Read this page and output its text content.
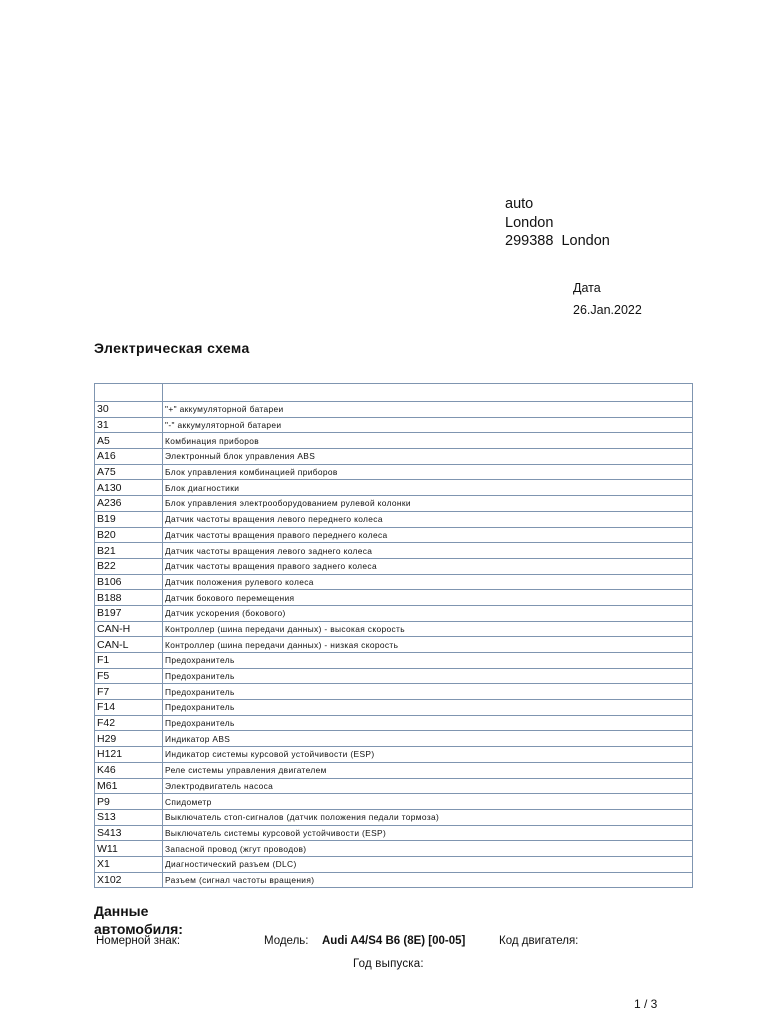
auto
London
299388  London
Дата
26.Jan.2022
Электрическая схема

30	"+" аккумуляторной батареи
31	"-" аккумуляторной батареи
A5	Комбинация приборов
A16	Электронный блок управления ABS
A75	Блок управления комбинацией приборов
A130	Блок диагностики
A236	Блок управления электрооборудованием рулевой колонки
B19	Датчик частоты вращения левого переднего колеса
B20	Датчик частоты вращения правого переднего колеса
B21	Датчик частоты вращения левого заднего колеса
B22	Датчик частоты вращения правого заднего колеса
B106	Датчик положения рулевого колеса
B188	Датчик бокового перемещения
B197	Датчик ускорения (бокового)
CAN-H	Контроллер (шина передачи данных) - высокая скорость
CAN-L	Контроллер (шина передачи данных) - низкая скорость
F1	Предохранитель
F5	Предохранитель
F7	Предохранитель
F14	Предохранитель
F42	Предохранитель
H29	Индикатор ABS
H121	Индикатор системы курсовой устойчивости (ESP)
K46	Реле системы управления двигателем
M61	Электродвигатель насоса
P9	Спидометр
S13	Выключатель стоп-сигналов (датчик положения педали тормоза)
S413	Выключатель системы курсовой устойчивости (ESP)
W11	Запасной провод (жгут проводов)
X1	Диагностический разъем (DLC)
X102	Разъем (сигнал частоты вращения)
Данные автомобиля:
Номерной знак:	Модель: Audi A4/S4 B6 (8E) [00-05]	Код двигателя:
Год выпуска:
1 / 3
